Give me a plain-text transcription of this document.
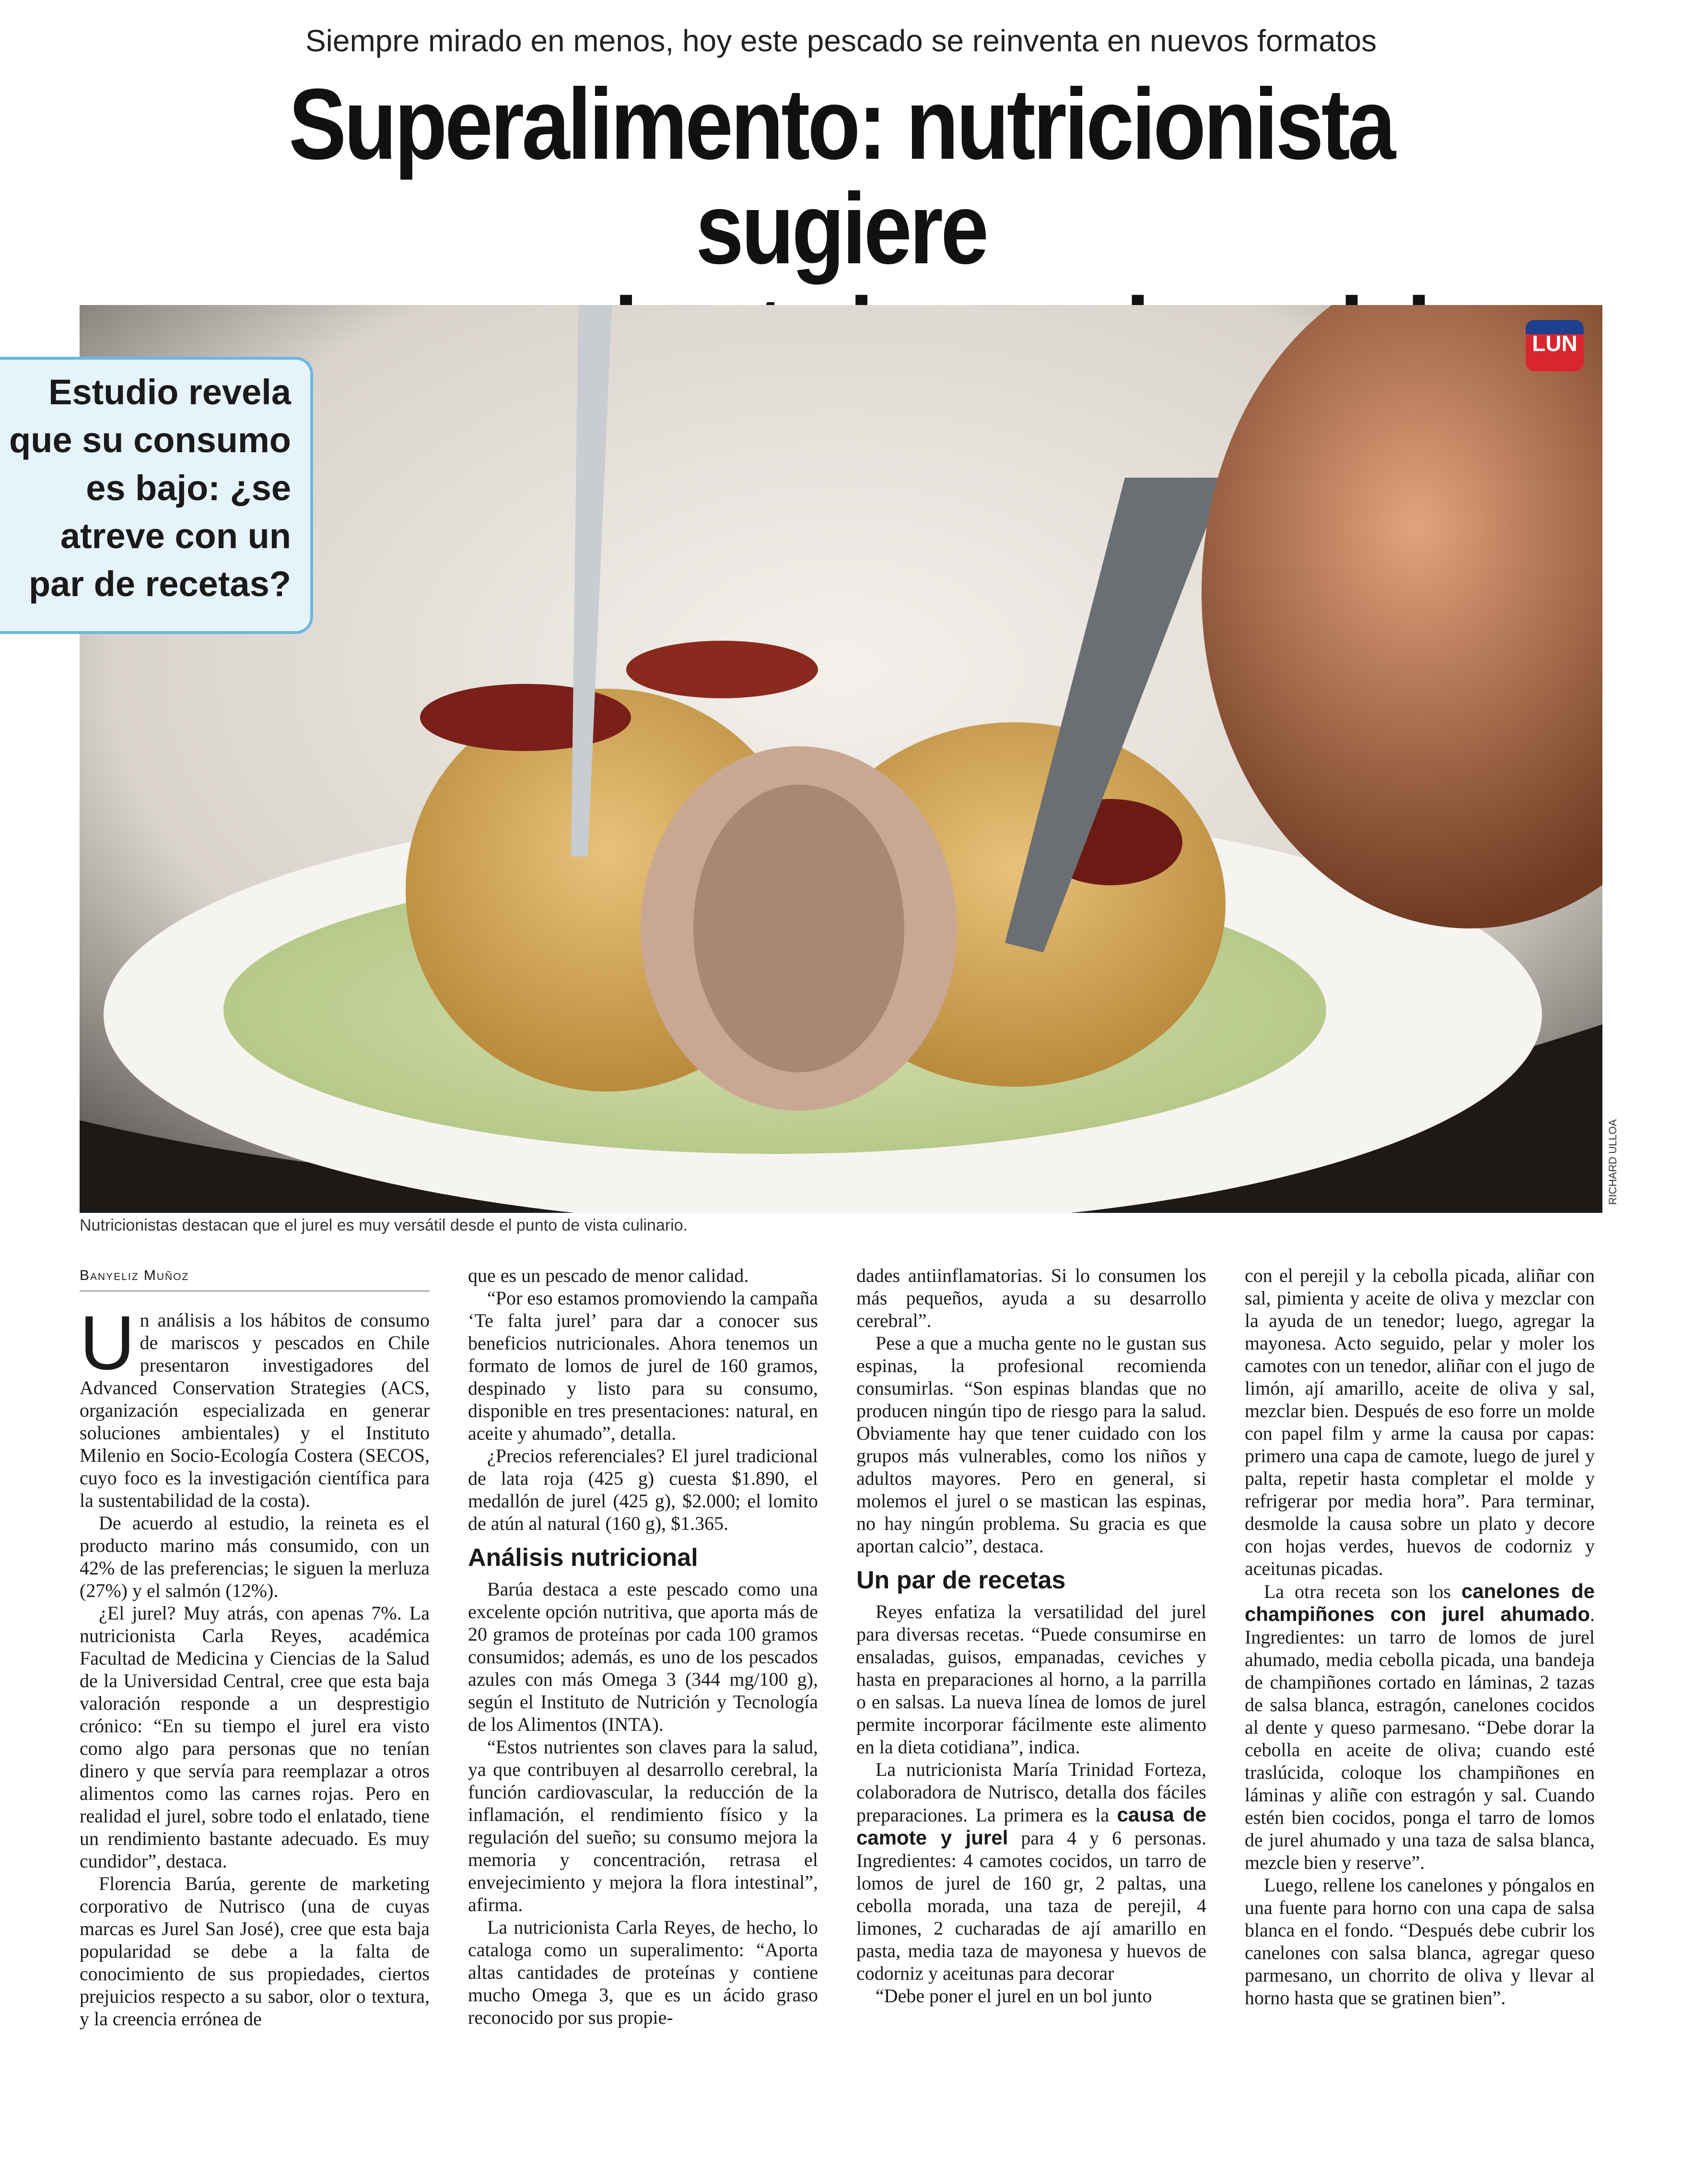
Siempre mirado en menos, hoy este pescado se reinventa en nuevos formatos
Superalimento: nutricionista sugiere
LUN
RICHARD ULLOA
Estudio revela
que su consumo
es bajo: ¿se
atreve con un
par de recetas?
Nutricionistas destacan que el jurel es muy versátil desde el punto de vista culinario.
Banyeliz Muñoz
U n análisis a los hábitos de consumo de mariscos y pescados en Chile presentaron investigadores del Advanced Conservation Strategies (ACS, organización especializada en generar soluciones ambientales) y el Instituto Milenio en Socio-Ecología Costera (SECOS, cuyo foco es la investigación científica para la sustentabilidad de la costa).

De acuerdo al estudio, la reineta es el producto marino más consumido, con un 42% de las preferencias; le siguen la merluza (27%) y el salmón (12%).

¿El jurel? Muy atrás, con apenas 7%. La nutricionista Carla Reyes, académica Facultad de Medicina y Ciencias de la Salud de la Universidad Central, cree que esta baja valoración responde a un desprestigio crónico: “En su tiempo el jurel era visto como algo para personas que no tenían dinero y que servía para reemplazar a otros alimentos como las carnes rojas. Pero en realidad el jurel, sobre todo el enlatado, tiene un rendimiento bastante adecuado. Es muy cundidor”, destaca.

Florencia Barúa, gerente de marketing corporativo de Nutrisco (una de cuyas marcas es Jurel San José), cree que esta baja popularidad se debe a la falta de conocimiento de sus propiedades, ciertos prejuicios respecto a su sabor, olor o textura, y la creencia errónea de

que es un pescado de menor calidad.

“Por eso estamos promoviendo la campaña ‘Te falta jurel’ para dar a conocer sus beneficios nutricionales. Ahora tenemos un formato de lomos de jurel de 160 gramos, despinado y listo para su consumo, disponible en tres presentaciones: natural, en aceite y ahumado”, detalla.

¿Precios referenciales? El jurel tradicional de lata roja (425 g) cuesta $1.890, el medallón de jurel (425 g), $2.000; el lomito de atún al natural (160 g), $1.365.

Análisis nutricional

Barúa destaca a este pescado como una excelente opción nutritiva, que aporta más de 20 gramos de proteínas por cada 100 gramos consumidos; además, es uno de los pescados azules con más Omega 3 (344 mg/100 g), según el Instituto de Nutrición y Tecnología de los Alimentos (INTA).

“Estos nutrientes son claves para la salud, ya que contribuyen al desarrollo cerebral, la función cardiovascular, la reducción de la inflamación, el rendimiento físico y la regulación del sueño; su consumo mejora la memoria y concentración, retrasa el envejecimiento y mejora la flora intestinal”, afirma.

La nutricionista Carla Reyes, de hecho, lo cataloga como un superalimento: “Aporta altas cantidades de proteínas y contiene mucho Omega 3, que es un ácido graso reconocido por sus propie-

dades antiinflamatorias. Si lo consumen los más pequeños, ayuda a su desarrollo cerebral”.

Pese a que a mucha gente no le gustan sus espinas, la profesional recomienda consumirlas. “Son espinas blandas que no producen ningún tipo de riesgo para la salud. Obviamente hay que tener cuidado con los grupos más vulnerables, como los niños y adultos mayores. Pero en general, si molemos el jurel o se mastican las espinas, no hay ningún problema. Su gracia es que aportan calcio”, destaca.

Un par de recetas

Reyes enfatiza la versatilidad del jurel para diversas recetas. “Puede consumirse en ensaladas, guisos, empanadas, ceviches y hasta en preparaciones al horno, a la parrilla o en salsas. La nueva línea de lomos de jurel permite incorporar fácilmente este alimento en la dieta cotidiana”, indica.

La nutricionista María Trinidad Forteza, colaboradora de Nutrisco, detalla dos fáciles preparaciones. La primera es la causa de camote y jurel para 4 y 6 personas. Ingredientes: 4 camotes cocidos, un tarro de lomos de jurel de 160 gr, 2 paltas, una cebolla morada, una taza de perejil, 4 limones, 2 cucharadas de ají amarillo en pasta, media taza de mayonesa y huevos de codorniz y aceitunas para decorar

“Debe poner el jurel en un bol junto

con el perejil y la cebolla picada, aliñar con sal, pimienta y aceite de oliva y mezclar con la ayuda de un tenedor; luego, agregar la mayonesa. Acto seguido, pelar y moler los camotes con un tenedor, aliñar con el jugo de limón, ají amarillo, aceite de oliva y sal, mezclar bien. Después de eso forre un molde con papel film y arme la causa por capas: primero una capa de camote, luego de jurel y palta, repetir hasta completar el molde y refrigerar por media hora”. Para terminar, desmolde la causa sobre un plato y decore con hojas verdes, huevos de codorniz y aceitunas picadas.

La otra receta son los canelones de champiñones con jurel ahumado. Ingredientes: un tarro de lomos de jurel ahumado, media cebolla picada, una bandeja de champiñones cortado en láminas, 2 tazas de salsa blanca, estragón, canelones cocidos al dente y queso parmesano. “Debe dorar la cebolla en aceite de oliva; cuando esté traslúcida, coloque los champiñones en láminas y aliñe con estragón y sal. Cuando estén bien cocidos, ponga el tarro de lomos de jurel ahumado y una taza de salsa blanca, mezcle bien y reserve”.

Luego, rellene los canelones y póngalos en una fuente para horno con una capa de salsa blanca en el fondo. “Después debe cubrir los canelones con salsa blanca, agregar queso parmesano, un chorrito de oliva y llevar al horno hasta que se gratinen bien”.
